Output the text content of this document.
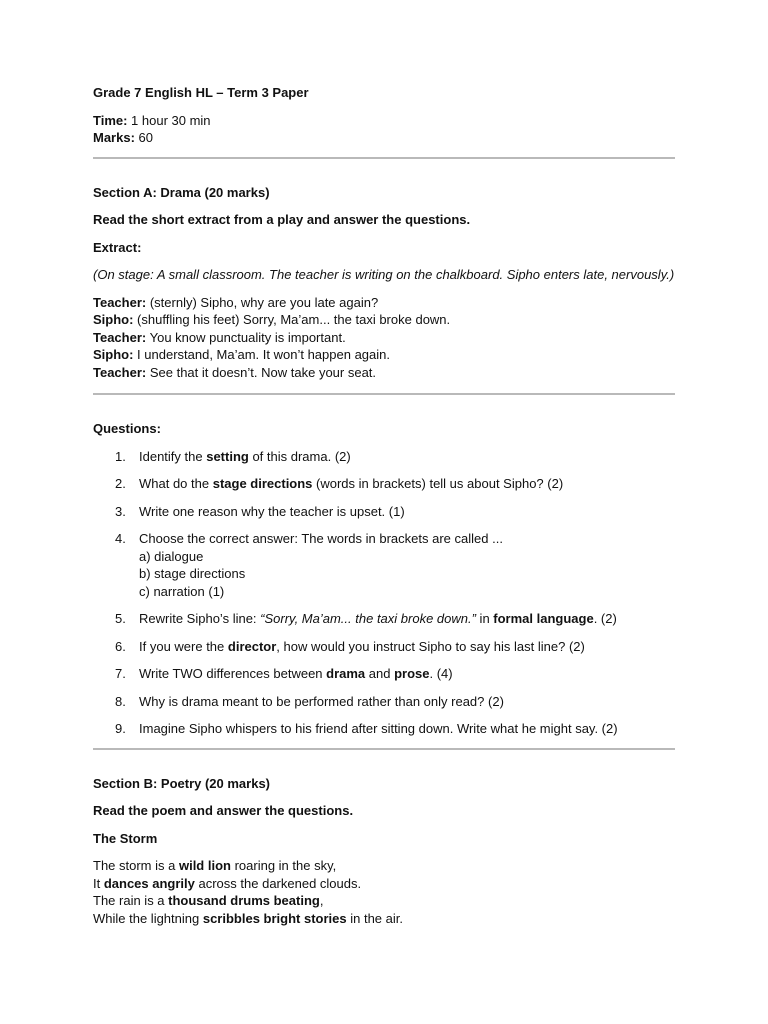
Grade 7 English HL – Term 3 Paper

Time: 1 hour 30 min

Marks: 60

Section A: Drama (20 marks)

Read the short extract from a play and answer the questions.

Extract:

(On stage: A small classroom. The teacher is writing on the chalkboard. Sipho enters late, nervously.)

Teacher: (sternly) Sipho, why are you late again?

Sipho: (shuffling his feet) Sorry, Ma’am... the taxi broke down.

Teacher: You know punctuality is important.

Sipho: I understand, Ma’am. It won’t happen again.

Teacher: See that it doesn’t. Now take your seat.

Questions:

1. Identify the setting of this drama. (2)
2. What do the stage directions (words in brackets) tell us about Sipho? (2)
3. Write one reason why the teacher is upset. (1)
4. Choose the correct answer: The words in brackets are called ...
a) dialogue
b) stage directions
c) narration (1)
5. Rewrite Sipho’s line: “Sorry, Ma’am... the taxi broke down.” in formal language. (2)
6. If you were the director, how would you instruct Sipho to say his last line? (2)
7. Write TWO differences between drama and prose. (4)
8. Why is drama meant to be performed rather than only read? (2)
9. Imagine Sipho whispers to his friend after sitting down. Write what he might say. (2)

Section B: Poetry (20 marks)

Read the poem and answer the questions.

The Storm

The storm is a wild lion roaring in the sky,

It dances angrily across the darkened clouds.

The rain is a thousand drums beating,

While the lightning scribbles bright stories in the air.
